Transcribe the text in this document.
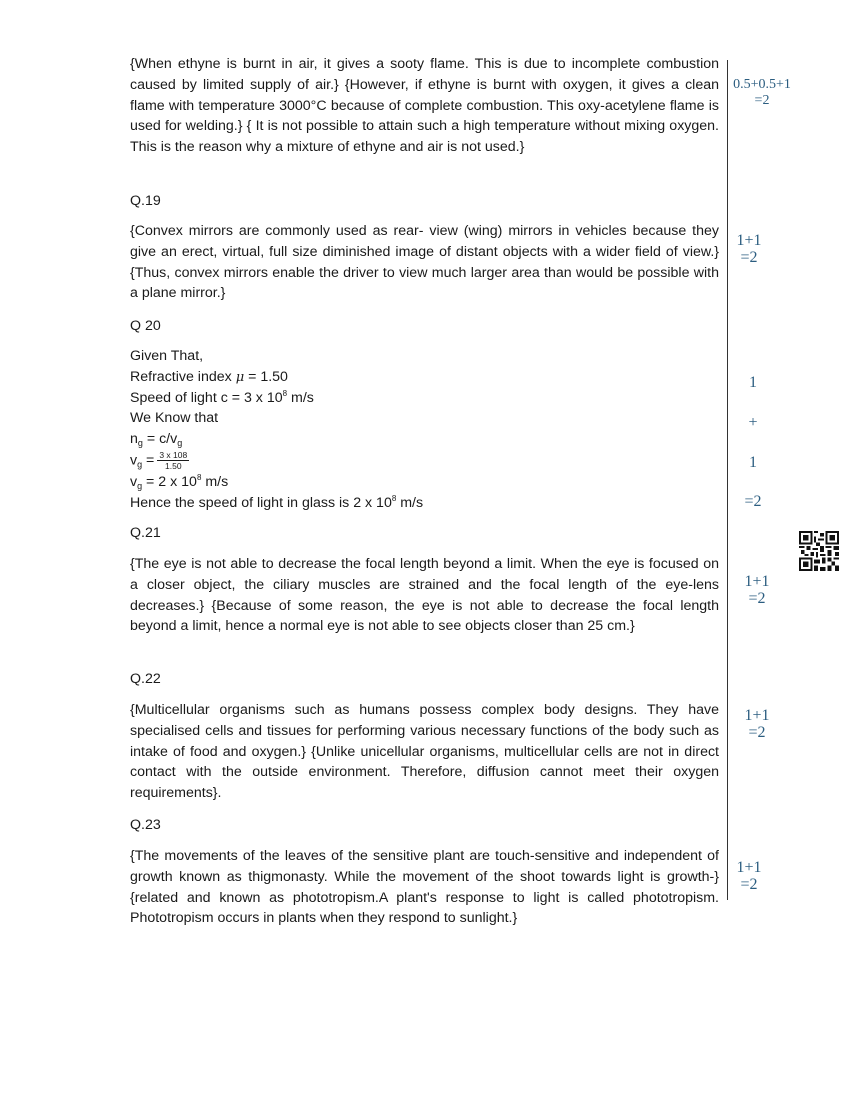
{When ethyne is burnt in air, it gives a sooty flame. This is due to incomplete combustion caused by limited supply of air.} {However, if ethyne is burnt with oxygen, it gives a clean flame with temperature 3000°C because of complete combustion. This oxy-acetylene flame is used for welding.} { It is not possible to attain such a high temperature without mixing oxygen. This is the reason why a mixture of ethyne and air is not used.}

0.5+0.5+1
=2

Q.19

{Convex mirrors are commonly used as rear- view (wing) mirrors in vehicles because they give an erect, virtual, full size diminished image of distant objects with a wider field of view.} {Thus, convex mirrors enable the driver to view much larger area than would be possible with a plane mirror.}

1+1
=2

Q 20

Given That,
Refractive index μ = 1.50
Speed of light c = 3 x $10^8$ m/s
We Know that
$n_g = c/v_g$
$v_g = \frac{3 x 108}{1.50}$
$v_g = 2$ x $10^8$ m/s
Hence the speed of light in glass is 2 x $10^8$ m/s
1
+
1
=2

Q.21

{The eye is not able to decrease the focal length beyond a limit. When the eye is focused on a closer object, the ciliary muscles are strained and the focal length of the eye-lens decreases.} {Because of some reason, the eye is not able to decrease the focal length beyond a limit, hence a normal eye is not able to see objects closer than 25 cm.}

1+1
=2

Q.22

{Multicellular organisms such as humans possess complex body designs. They have specialised cells and tissues for performing various necessary functions of the body such as intake of food and oxygen.} {Unlike unicellular organisms, multicellular cells are not in direct contact with the outside environment. Therefore, diffusion cannot meet their oxygen requirements}.

1+1
=2

Q.23

{The movements of the leaves of the sensitive plant are touch-sensitive and independent of growth known as thigmonasty. While the movement of the shoot towards light is growth-} {related and known as phototropism.A plant's response to light is called phototropism. Phototropism occurs in plants when they respond to sunlight.}

1+1
=2
